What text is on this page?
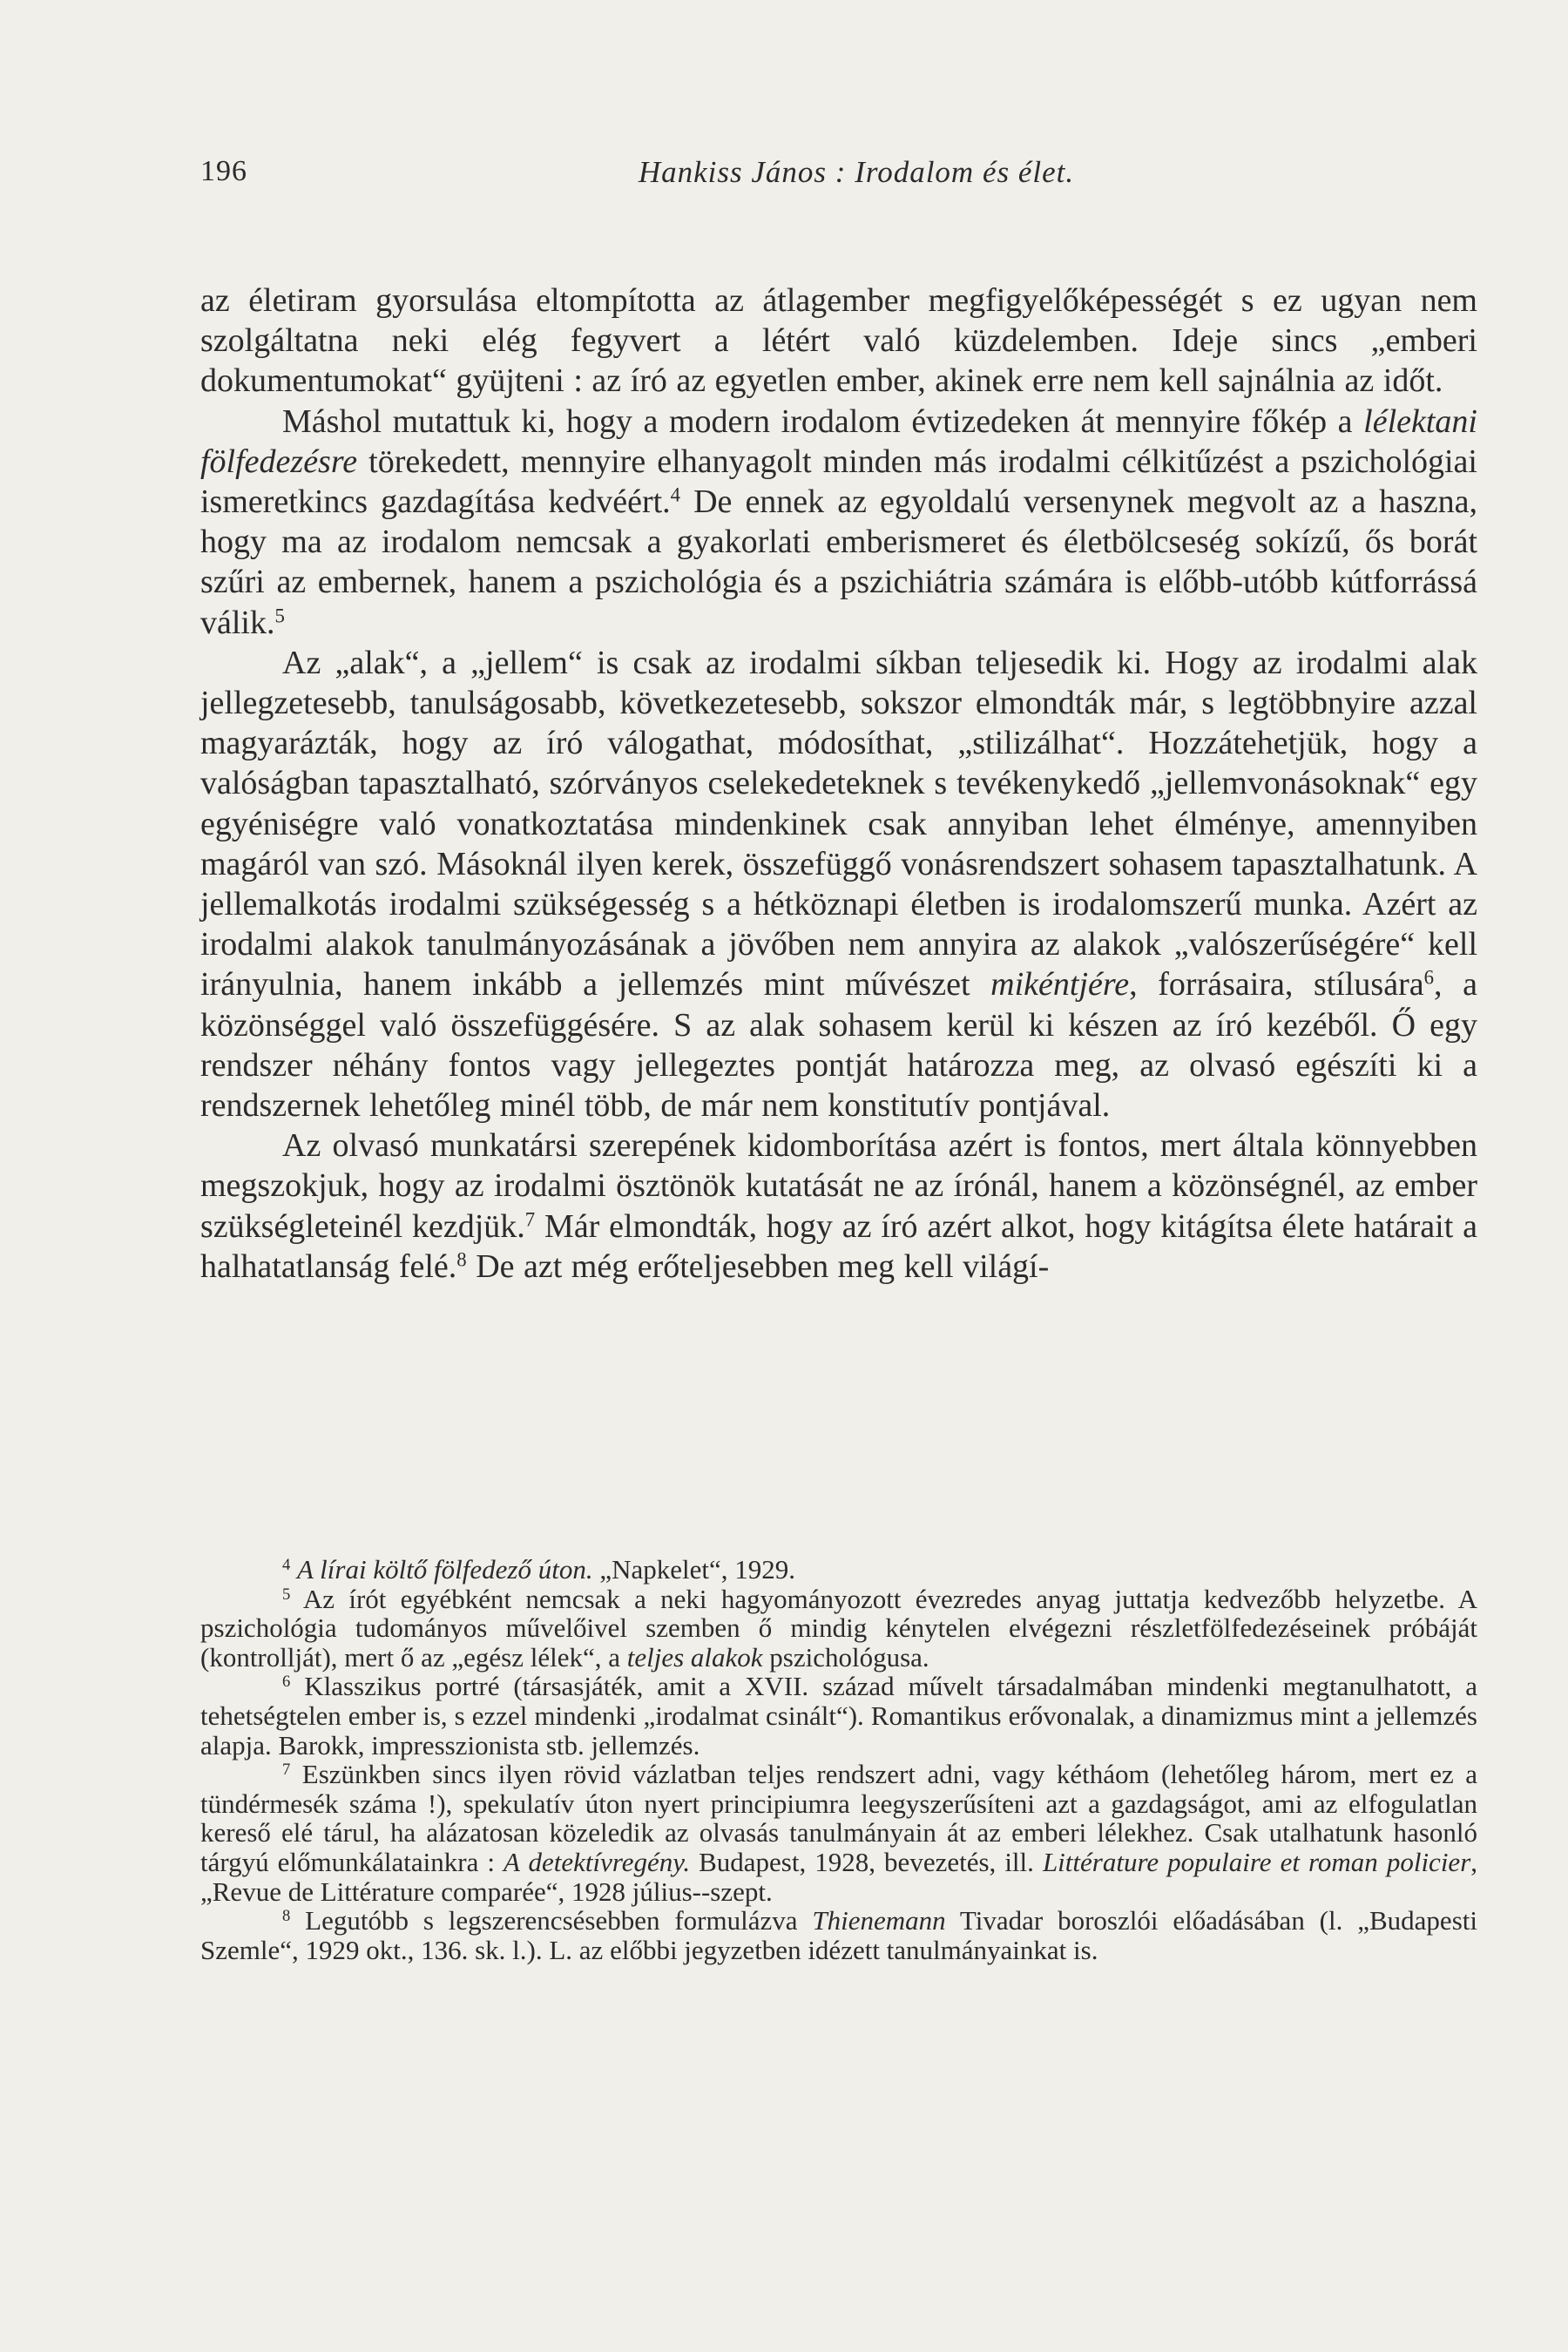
196	Hankiss János : Irodalom és élet.

az életiram gyorsulása eltompította az átlagember megfigyelőképességét s ez ugyan nem szolgáltatna neki elég fegyvert a létért való küzdelemben. Ideje sincs „emberi dokumentumokat“ gyüjteni : az író az egyetlen ember, akinek erre nem kell sajnálnia az időt.

Máshol mutattuk ki, hogy a modern irodalom évtizedeken át mennyire főkép a lélektani fölfedezésre törekedett, mennyire elhanyagolt minden más irodalmi célkitűzést a pszichológiai ismeretkincs gazdagítása kedvéért.$^4$ De ennek az egyoldalú versenynek megvolt az a haszna, hogy ma az irodalom nemcsak a gyakorlati emberismeret és életbölcseség sokízű, ős borát szűri az embernek, hanem a pszichológia és a pszichiátria számára is előbb-utóbb kútforrássá válik.$^5$

Az „alak“, a „jellem“ is csak az irodalmi síkban teljesedik ki. Hogy az irodalmi alak jellegzetesebb, tanulságosabb, következetesebb, sokszor elmondták már, s legtöbbnyire azzal magyarázták, hogy az író válogathat, módosíthat, „stilizálhat“. Hozzátehetjük, hogy a valóságban tapasztalható, szórványos cselekedeteknek s tevékenykedő „jellemvonásoknak“ egy egyéniségre való vonatkoztatása mindenkinek csak annyiban lehet élménye, amennyiben magáról van szó. Másoknál ilyen kerek, összefüggő vonásrendszert sohasem tapasztalhatunk. A jellemalkotás irodalmi szükségesség s a hétköznapi életben is irodalomszerű munka. Azért az irodalmi alakok tanulmányozásának a jövőben nem annyira az alakok „valószerűségére“ kell irányulnia, hanem inkább a jellemzés mint művészet mikéntjére, forrásaira, stílusára$^6$, a közönséggel való összefüggésére. S az alak sohasem kerül ki készen az író kezéből. Ő egy rendszer néhány fontos vagy jellegeztes pontját határozza meg, az olvasó egészíti ki a rendszernek lehetőleg minél több, de már nem konstitutív pontjával.

Az olvasó munkatársi szerepének kidomborítása azért is fontos, mert általa könnyebben megszokjuk, hogy az irodalmi ösztönök kutatását ne az írónál, hanem a közönségnél, az ember szükségleteinél kezdjük.$^7$ Már elmondták, hogy az író azért alkot, hogy kitágítsa élete határait a halhatatlanság felé.$^8$ De azt még erőteljesebben meg kell világí-

$^4$ A lírai költő fölfedező úton. „Napkelet“, 1929.

$^5$ Az írót egyébként nemcsak a neki hagyományozott évezredes anyag juttatja kedvezőbb helyzetbe. A pszichológia tudományos művelőivel szemben ő mindig kénytelen elvégezni részletfölfedezéseinek próbáját (kontrollját), mert ő az „egész lélek“, a teljes alakok pszichológusa.

$^6$ Klasszikus portré (társasjáték, amit a XVII. század művelt társadalmában mindenki megtanulhatott, a tehetségtelen ember is, s ezzel mindenki „irodalmat csinált“). Romantikus erővonalak, a dinamizmus mint a jellemzés alapja. Barokk, impresszionista stb. jellemzés.

$^7$ Eszünkben sincs ilyen rövid vázlatban teljes rendszert adni, vagy kétháom (lehetőleg három, mert ez a tündérmesék száma !), spekulatív úton nyert principiumra leegyszerűsíteni azt a gazdagságot, ami az elfogulatlan kereső elé tárul, ha alázatosan közeledik az olvasás tanulmányain át az emberi lélekhez. Csak utalhatunk hasonló tárgyú előmunkálatainkra : A detektívregény. Budapest, 1928, bevezetés, ill. Littérature populaire et roman policier, „Revue de Littérature comparée“, 1928 július--szept.

$^8$ Legutóbb s legszerencsésebben formulázva Thienemann Tivadar boroszlói előadásában (l. „Budapesti Szemle“, 1929 okt., 136. sk. l.). L. az előbbi jegyzetben idézett tanulmányainkat is.
